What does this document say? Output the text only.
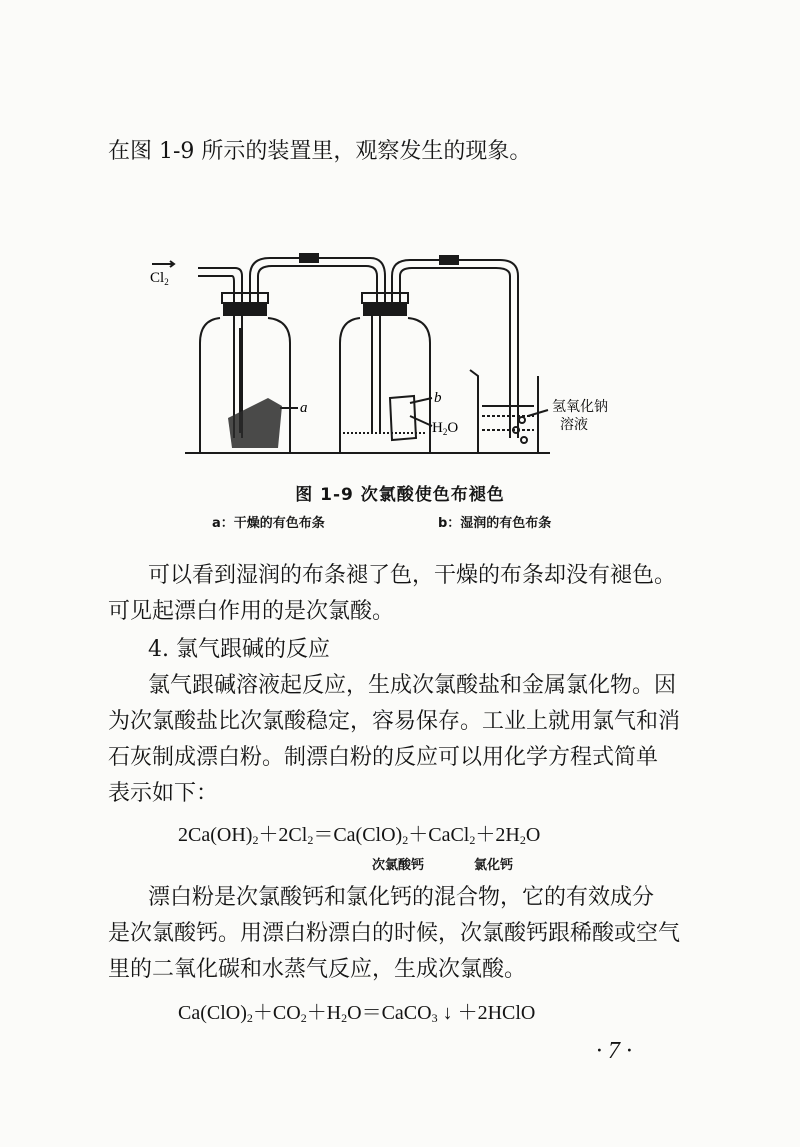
在图 1-9 所示的装置里，观察发生的现象。
$Cl_2$
a
b
$H_2O$
氢氧化钠
溶液
图 1-9 次氯酸使色布褪色
a：干燥的有色布条	b：湿润的有色布条
可以看到湿润的布条褪了色，干燥的布条却没有褪色。
可见起漂白作用的是次氯酸。
4. 氯气跟碱的反应
氯气跟碱溶液起反应，生成次氯酸盐和金属氯化物。因
为次氯酸盐比次氯酸稳定，容易保存。工业上就用氯气和消
石灰制成漂白粉。制漂白粉的反应可以用化学方程式简单
表示如下：
$2Ca(OH)_2+2Cl_2=Ca(ClO)_2+CaCl_2+2H_2O$
次氯酸钙	氯化钙
漂白粉是次氯酸钙和氯化钙的混合物，它的有效成分
是次氯酸钙。用漂白粉漂白的时候，次氯酸钙跟稀酸或空气
里的二氧化碳和水蒸气反应，生成次氯酸。
$Ca(ClO)_2+CO_2+H_2O=CaCO_3$ ↓ ＋2HClO
· 7 ·
